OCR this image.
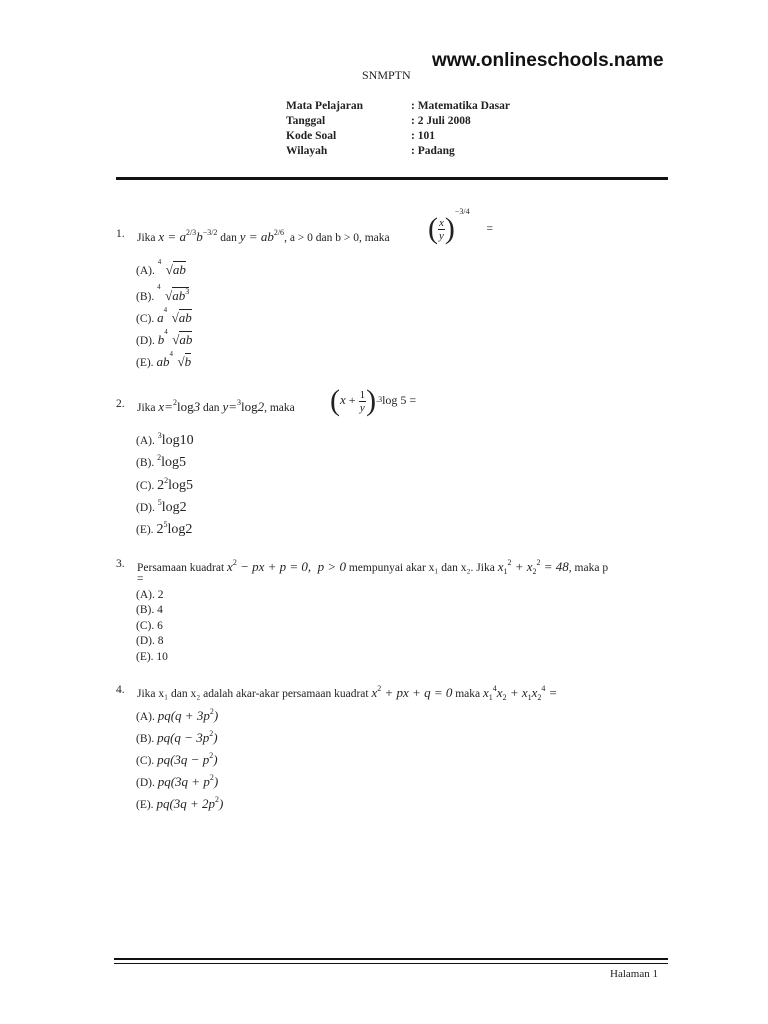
www.onlineschools.name
SNMPTN
Mata Pelajaran	: Matematika Dasar
Tanggal	: 2 Juli 2008
Kode Soal	: 101
Wilayah	: Padang
1. Jika $x = a^{2/3}b^{-3/2}$ dan $y = ab^{2/6}$, a > 0 dan b > 0, maka ( $\frac{x}{y} )^{-3/4}$ =
(A).
4 √ab
(B).
4
$√ab^3$
(C). a 4 √ab
(D). b 4 √ab
(E). ab 4 √b
2. Jika x=$^2$log3 dan y=$^3$log2, maka $(x + \frac{1}{y} ).3\log$ 5 =
(A). $^3$log10
(B). $^2$log5
(C). $2^2\log 5$
(D). $^5$log2
(E). $2^5\log 2$
3. Persamaan kuadrat $x^2$ − px + p = 0,  p > 0 mempunyai akar x₁ dan x₂. Jika $x_1^2 + x_2^2 = 48$, maka p
=
(A). 2
(B). 4
(C). 6
(D). 8
(E). 10
4. Jika x₁ dan x₂ adalah akar-akar persamaan kuadrat $x^2$ + px + q = 0 maka $x_1^4x_2 + x_1x_2^4$ =
(A). $pq(q + 3p^2)$
(B). $pq(q - 3p^2)$
(C). $pq(3q - p^2)$
(D). $pq(3q + p^2)$
(E). $pq(3q + 2p^2)$
Halaman 1
